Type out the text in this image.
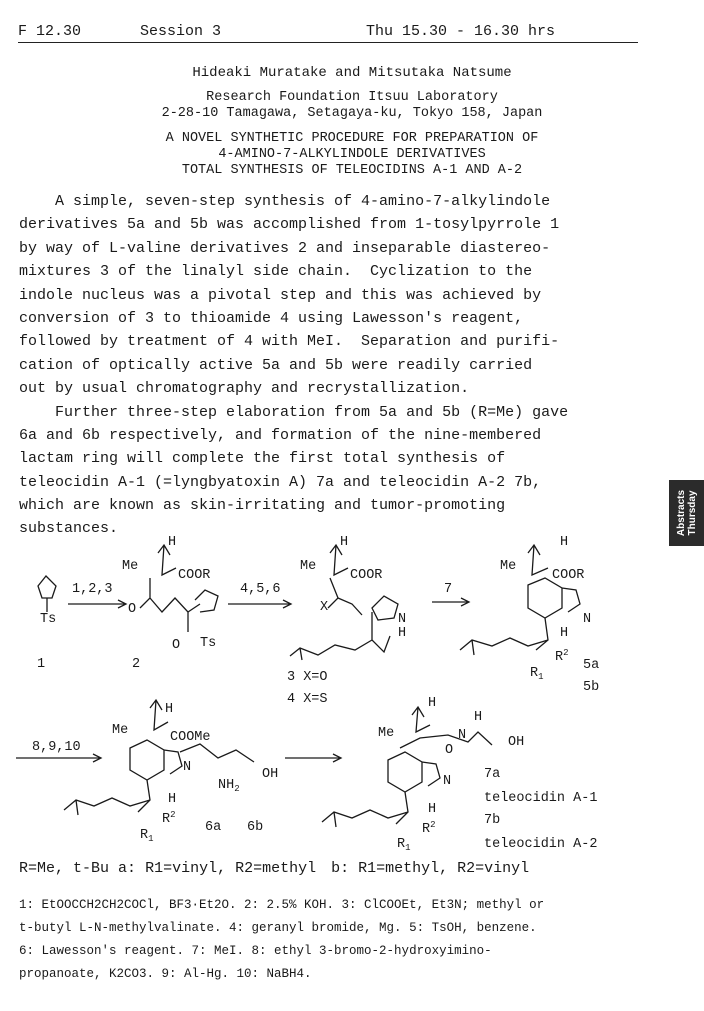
F 12.30	Session 3	Thu 15.30 - 16.30 hrs
Hideaki Muratake and Mitsutaka Natsume
Research Foundation Itsuu Laboratory
2-28-10 Tamagawa, Setagaya-ku, Tokyo 158, Japan
A NOVEL SYNTHETIC PROCEDURE FOR PREPARATION OF
4-AMINO-7-ALKYLINDOLE DERIVATIVES
TOTAL SYNTHESIS OF TELEOCIDINS A-1 AND A-2
A simple, seven-step synthesis of 4-amino-7-alkylindole
derivatives 5a and 5b was accomplished from 1-tosylpyrrole 1
by way of L-valine derivatives 2 and inseparable diastereo-
mixtures 3 of the linalyl side chain.  Cyclization to the
indole nucleus was a pivotal step and this was achieved by
conversion of 3 to thioamide 4 using Lawesson's reagent,
followed by treatment of 4 with MeI.  Separation and purifi-
cation of optically active 5a and 5b were readily carried
out by usual chromatography and recrystallization.
Further three-step elaboration from 5a and 5b (R=Me) gave
6a and 6b respectively, and formation of the nine-membered
lactam ring will complete the first total synthesis of
teleocidin A-1 (=lyngbyatoxin A) 7a and teleocidin A-2 7b,
which are known as skin-irritating and tumor-promoting
substances.	Abstracts
Thursday
Ts
1
1,2,3
Me
COOR
H
O
O Ts
2
4,5,6
Me
COOR
H
X
N
H
3 X=O
4 X=S
7
Me
COOR
H
N
H
$R_1$
$R^2$
5a
5b
8,9,10
Me	COOMe
H
N
H
$NH_2$
OH
$R_1$
$R^2$
6a 6b
Me
H
O
N
H
OH
N
H
$R_1$
$R^2$
7a
teleocidin A-1
7b
teleocidin A-2
R=Me, t-Bu a: R1=vinyl, R2=methyl b: R1=methyl, R2=vinyl
1: EtOOCCH2CH2COCl, BF3·Et2O. 2: 2.5% KOH. 3: ClCOOEt, Et3N; methyl or
t-butyl L-N-methylvalinate. 4: geranyl bromide, Mg. 5: TsOH, benzene.
6: Lawesson's reagent. 7: MeI. 8: ethyl 3-bromo-2-hydroxyimino-
propanoate, K2CO3. 9: Al-Hg. 10: NaBH4.
